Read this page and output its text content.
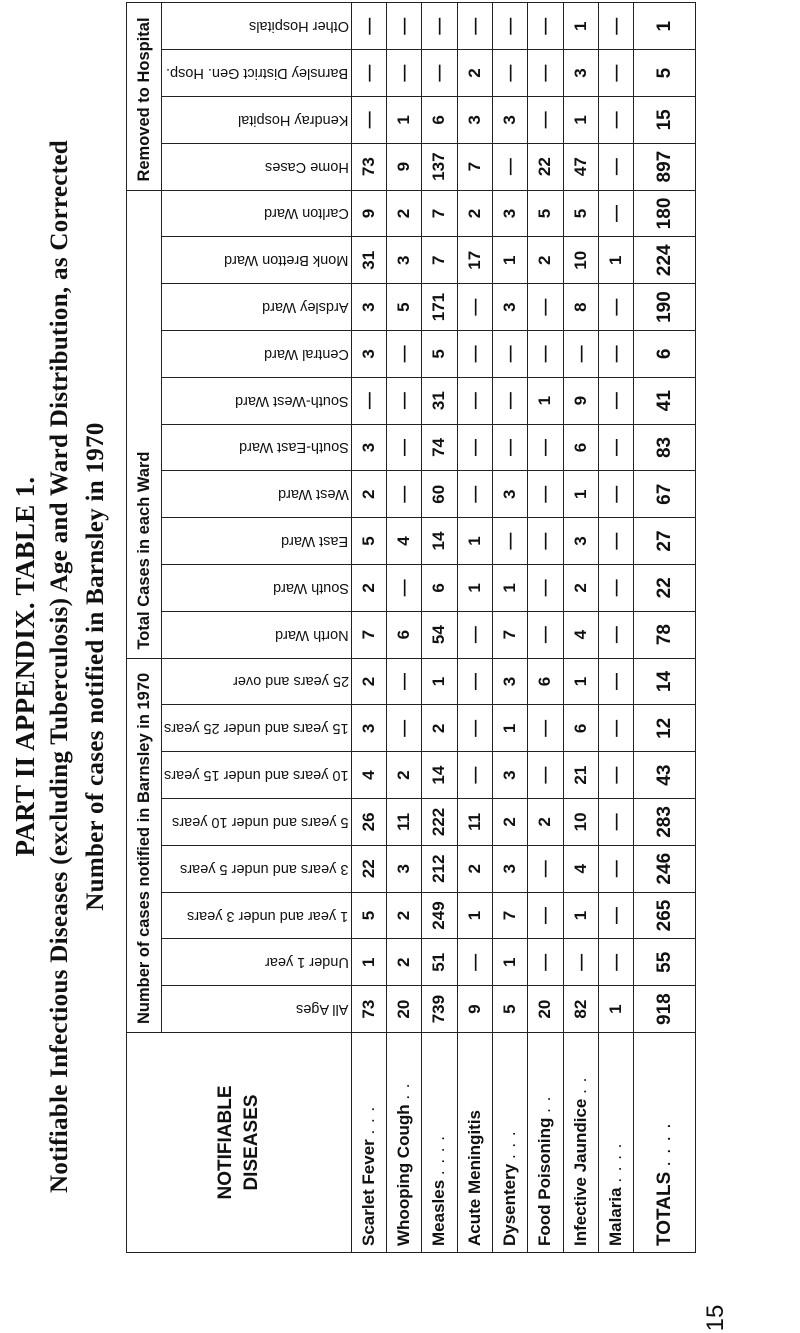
PART II APPENDIX. TABLE 1. Notifiable Infectious Diseases (excluding Tuberculosis) Age and Ward Distribution, as Corrected Number of cases notified in Barnsley in 1970
NOTIFIABLE DISEASES	Number of cases notified in Barnsley in 1970								Total Cases in each Ward										Removed to Hospital			

	All Ages	Under 1 year	1 year and under 3 years	3 years and under 5 years	5 years and under 10 years	10 years and under 15 years	15 years and under 25 years	25 years and over	North Ward	South Ward	East Ward	West Ward	South-East Ward	South-West Ward	Central Ward	Ardsley Ward	Monk Bretton Ward	Carlton Ward	Home Cases	Kendray Hospital	Barnsley District Gen. Hosp.	Other Hospitals

Scarlet Fever . . .	73	1	5	22	26	4	3	2	7	2	5	2	3	—	3	3	31	9	73	—	—	—
Whooping Cough . .	20	2	2	3	11	2	—	—	6	—	4	—	—	—	—	5	3	2	9	1	—	—
Measles . . . .	739	51	249	212	222	14	2	1	54	6	14	60	74	31	5	171	7	7	137	6	—	—
Acute Meningitis	9	—	1	2	11	—	—	—	—	1	1	—	—	—	—	—	17	2	7	3	2	—
Dysentery . . .	5	1	7	3	2	3	1	3	7	1	—	3	—	—	—	3	1	3	—	3	—	—
Food Poisoning . .	20	—	—	—	2	—	—	6	—	—	—	—	—	1	—	—	2	5	22	—	—	—
Infective Jaundice . .	82	—	1	4	10	21	6	1	4	2	3	1	6	9	—	8	10	5	47	1	3	1
Malaria . . . .	1	—	—	—	—	—	—	—	—	—	—	—	—	—	—	—	1	—	—	—	—	—
TOTALS . . . .	918	55	265	246	283	43	12	14	78	22	27	67	83	41	6	190	224	180	897	15	5	1
15
